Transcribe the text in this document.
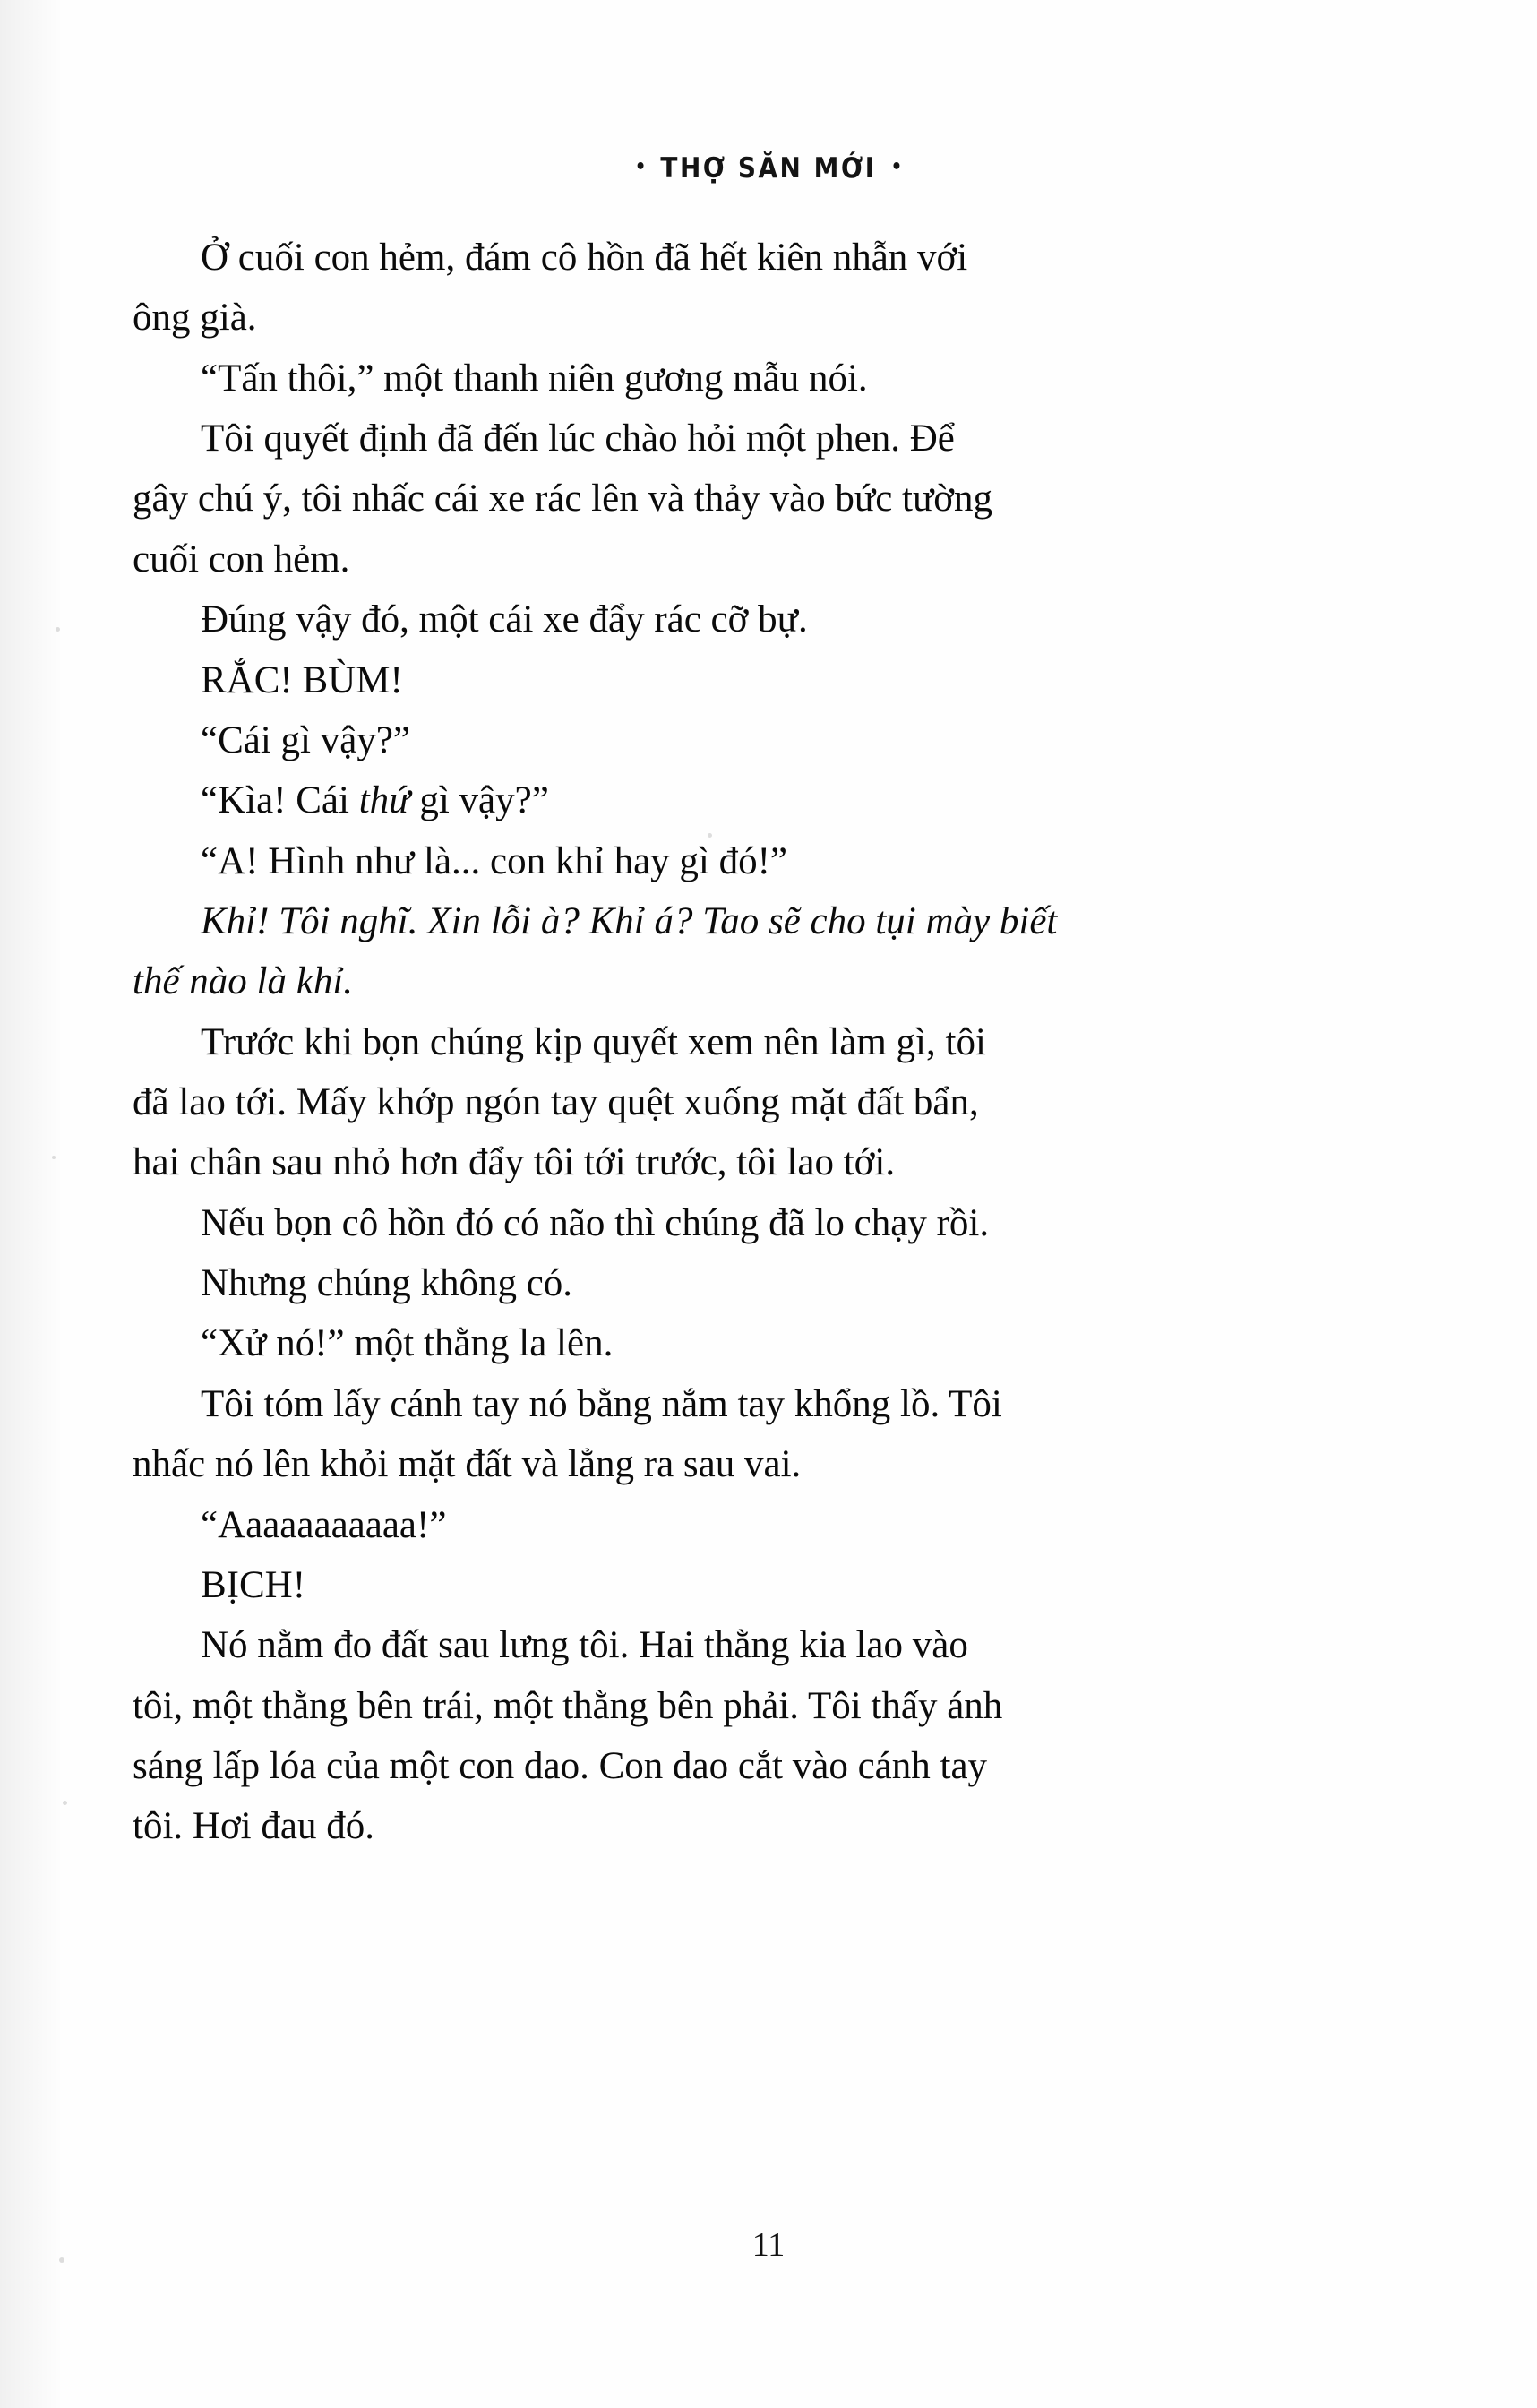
• THỢ SĂN MỚI •

Ở cuối con hẻm, đám cô hồn đã hết kiên nhẫn với

ông già.

“Tấn thôi,” một thanh niên gương mẫu nói.

Tôi quyết định đã đến lúc chào hỏi một phen. Để

gây chú ý, tôi nhấc cái xe rác lên và thảy vào bức tường

cuối con hẻm.

Đúng vậy đó, một cái xe đẩy rác cỡ bự.

RẮC! BÙM!

“Cái gì vậy?”

“Kìa! Cái thứ gì vậy?”

“A! Hình như là... con khỉ hay gì đó!”

Khỉ! Tôi nghĩ. Xin lỗi à? Khỉ á? Tao sẽ cho tụi mày biết

thế nào là khỉ.

Trước khi bọn chúng kịp quyết xem nên làm gì, tôi

đã lao tới. Mấy khớp ngón tay quệt xuống mặt đất bẩn,

hai chân sau nhỏ hơn đẩy tôi tới trước, tôi lao tới.

Nếu bọn cô hồn đó có não thì chúng đã lo chạy rồi.

Nhưng chúng không có.

“Xử nó!” một thằng la lên.

Tôi tóm lấy cánh tay nó bằng nắm tay khổng lồ. Tôi

nhấc nó lên khỏi mặt đất và lẳng ra sau vai.

“Aaaaaaaaaaa!”

BỊCH!

Nó nằm đo đất sau lưng tôi. Hai thằng kia lao vào

tôi, một thằng bên trái, một thằng bên phải. Tôi thấy ánh

sáng lấp lóa của một con dao. Con dao cắt vào cánh tay

tôi. Hơi đau đó.

11
